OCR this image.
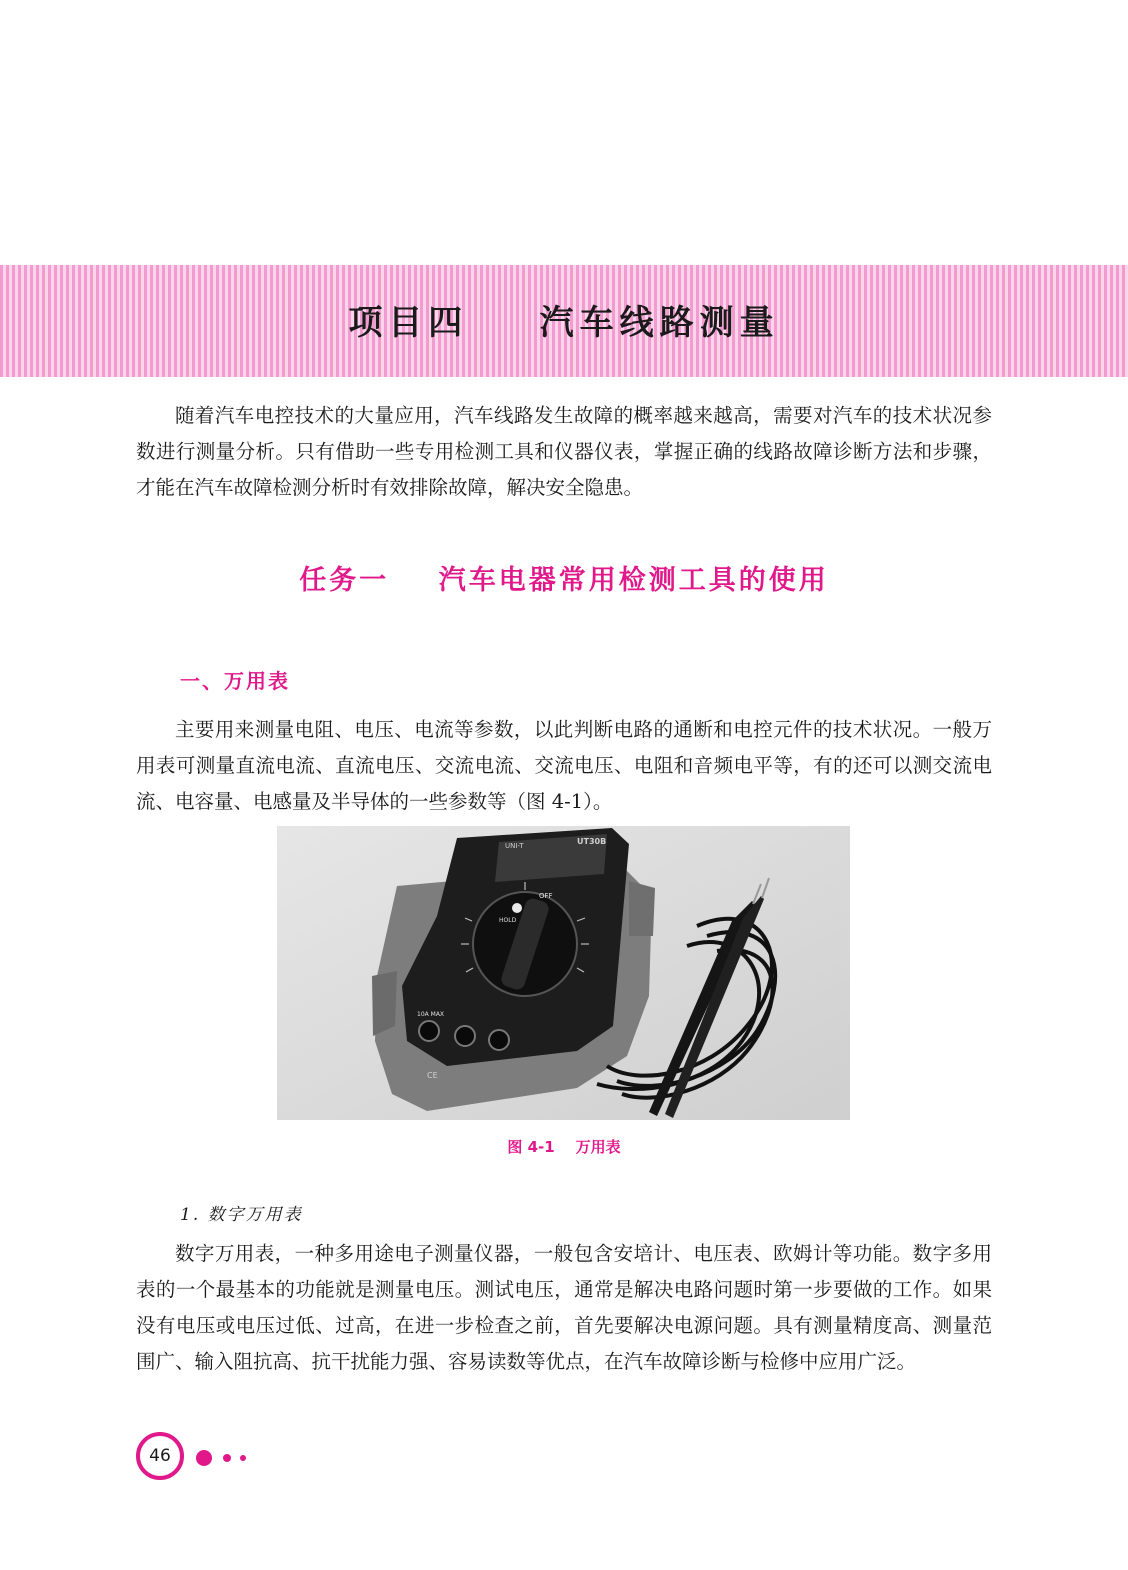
项目四    汽车线路测量

随着汽车电控技术的大量应用，汽车线路发生故障的概率越来越高，需要对汽车的技术状况参数进行测量分析。只有借助一些专用检测工具和仪器仪表，掌握正确的线路故障诊断方法和步骤，才能在汽车故障检测分析时有效排除故障，解决安全隐患。

任务一    汽车电器常用检测工具的使用
一、万用表

主要用来测量电阻、电压、电流等参数，以此判断电路的通断和电控元件的技术状况。一般万用表可测量直流电流、直流电压、交流电流、交流电压、电阻和音频电平等，有的还可以测交流电流、电容量、电感量及半导体的一些参数等（图 4-1）。

UNI-T	UT30B
OFF
HOLD
10A MAX
CE
图 4-1    万用表
1. 数字万用表

数字万用表，一种多用途电子测量仪器，一般包含安培计、电压表、欧姆计等功能。数字多用表的一个最基本的功能就是测量电压。测试电压，通常是解决电路问题时第一步要做的工作。如果没有电压或电压过低、过高，在进一步检查之前，首先要解决电源问题。具有测量精度高、测量范围广、输入阻抗高、抗干扰能力强、容易读数等优点，在汽车故障诊断与检修中应用广泛。

46
